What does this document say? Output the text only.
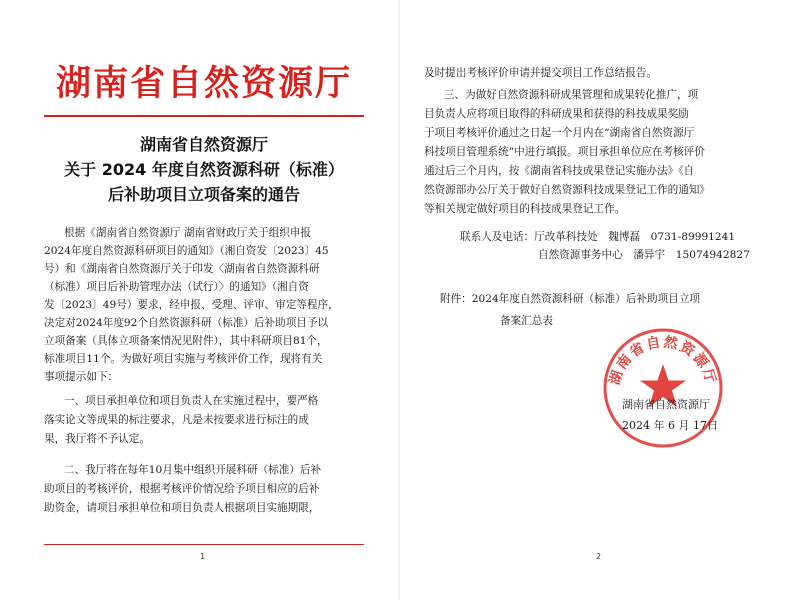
湖南省自然资源厅
湖南省自然资源厅
关于 2024 年度自然资源科研（标准）
后补助项目立项备案的通告
根据《湖南省自然资源厅 湖南省财政厅关于组织申报
2024年度自然资源科研项目的通知》（湘自资发〔2023〕45
号）和《湖南省自然资源厅关于印发〈湖南省自然资源科研
（标准）项目后补助管理办法（试行）〉的通知》（湘自资
发〔2023〕49号）要求，经申报、受理、评审、审定等程序，
决定对2024年度92个自然资源科研（标准）后补助项目予以
立项备案（具体立项备案情况见附件），其中科研项目81个，
标准项目11个。为做好项目实施与考核评价工作，现将有关
事项提示如下：
一、项目承担单位和项目负责人在实施过程中，要严格
落实论文等成果的标注要求，凡是未按要求进行标注的成
果，我厅将不予认定。
二、我厅将在每年10月集中组织开展科研（标准）后补
助项目的考核评价，根据考核评价情况给予项目相应的后补
助资金，请项目承担单位和项目负责人根据项目实施期限，
1
及时提出考核评价申请并提交项目工作总结报告。
三、为做好自然资源科研成果管理和成果转化推广，项
目负责人应将项目取得的科研成果和获得的科技成果奖励
于项目考核评价通过之日起一个月内在“湖南省自然资源厅
科技项目管理系统”中进行填报。项目承担单位应在考核评价
通过后三个月内，按《湖南省科技成果登记实施办法》《自
然资源部办公厅关于做好自然资源科技成果登记工作的通知》
等相关规定做好项目的科技成果登记工作。
联系人及电话：厅改革科技处　魏博磊　0731-89991241
自然资源事务中心　潘异宇　15074942827
附件：2024年度自然资源科研（标准）后补助项目立项
备案汇总表
湖南省自然资源厅
湖南省自然资源厅
2024 年 6 月 17日
2
